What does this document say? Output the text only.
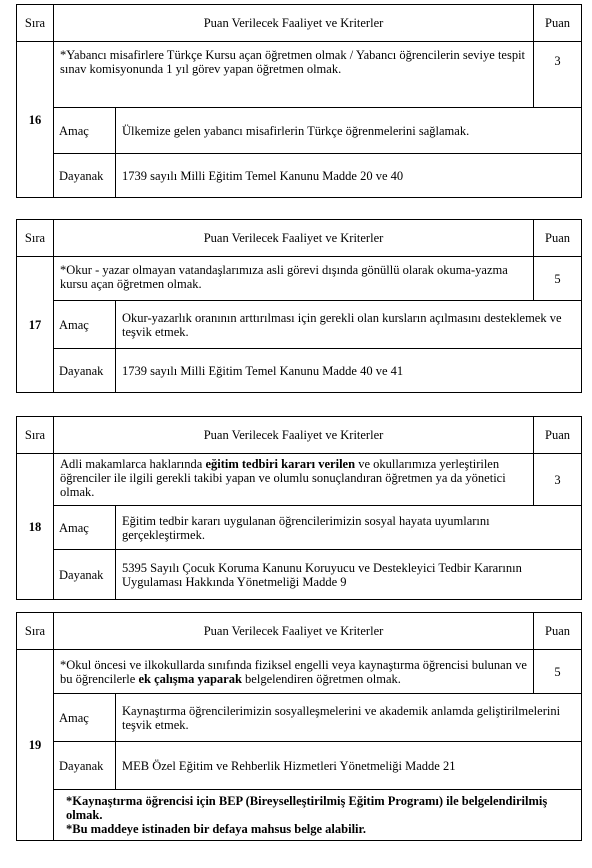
Sıra	Puan Verilecek Faaliyet ve Kriterler		Puan
16	*Yabancı misafirlere Türkçe Kursu açan öğretmen olmak / Yabancı öğrencilerin seviye tespit sınav komisyonunda 1 yıl görev yapan öğretmen olmak.		3
	Amaç	Ülkemize gelen yabancı misafirlerin Türkçe öğrenmelerini sağlamak.	
	Dayanak	1739 sayılı Milli Eğitim Temel Kanunu Madde 20 ve 40	
Sıra	Puan Verilecek Faaliyet ve Kriterler		Puan
17	*Okur - yazar olmayan vatandaşlarımıza asli görevi dışında gönüllü olarak okuma-yazma kursu açan öğretmen olmak.		5
	Amaç	Okur-yazarlık oranının arttırılması için gerekli olan kursların açılmasını desteklemek ve teşvik etmek.	
	Dayanak	1739 sayılı Milli Eğitim Temel Kanunu Madde 40 ve 41	
Sıra	Puan Verilecek Faaliyet ve Kriterler		Puan
18	Adli makamlarca haklarında eğitim tedbiri kararı verilen ve okullarımıza yerleştirilen öğrenciler ile ilgili gerekli takibi yapan ve olumlu sonuçlandıran öğretmen ya da yönetici olmak.		3
	Amaç	Eğitim tedbir kararı uygulanan öğrencilerimizin sosyal hayata uyumlarını gerçekleştirmek.	
	Dayanak	5395 Sayılı Çocuk Koruma Kanunu Koruyucu ve Destekleyici Tedbir Kararının Uygulaması Hakkında Yönetmeliği Madde 9	
Sıra	Puan Verilecek Faaliyet ve Kriterler		Puan
19	*Okul öncesi ve ilkokullarda sınıfında fiziksel engelli veya kaynaştırma öğrencisi bulunan ve bu öğrencilerle ek çalışma yaparak belgelendiren öğretmen olmak.		5
	Amaç	Kaynaştırma öğrencilerimizin sosyalleşmelerini ve akademik anlamda geliştirilmelerini teşvik etmek.	
	Dayanak	MEB Özel Eğitim ve Rehberlik Hizmetleri Yönetmeliği Madde 21	

	*Kaynaştırma öğrencisi için BEP (Bireyselleştirilmiş Eğitim Programı) ile belgelendirilmiş olmak.
*Bu maddeye istinaden bir defaya mahsus belge alabilir.		
